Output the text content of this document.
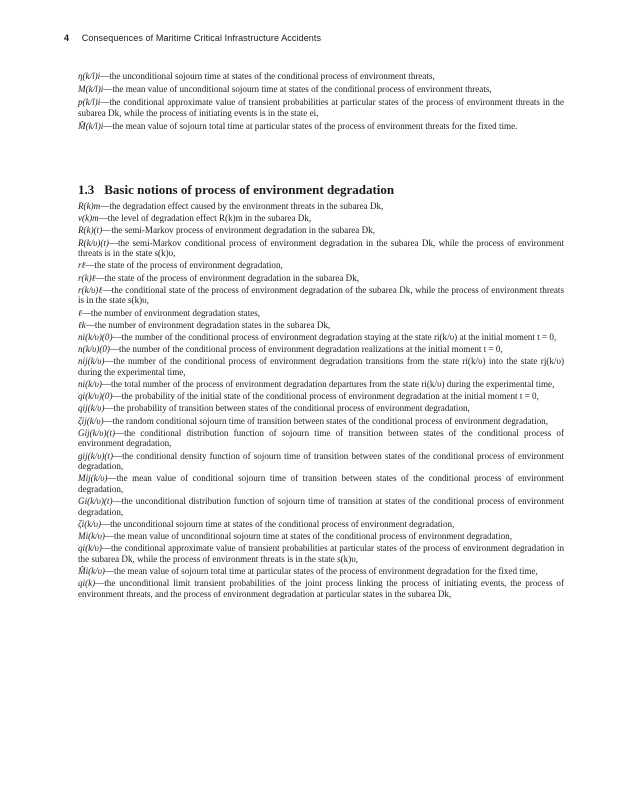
4 Consequences of Maritime Critical Infrastructure Accidents

η(k/l)i—the unconditional sojourn time at states of the conditional process of environment threats,

M(k/l)i—the mean value of unconditional sojourn time at states of the conditional process of environment threats,

p(k/l)i—the conditional approximate value of transient probabilities at particular states of the process of environment threats in the subarea Dk, while the process of initiating events is in the state ei,

M̂(k/l)i—the mean value of sojourn total time at particular states of the process of environment threats for the fixed time.

1.3 Basic notions of process of environment degradation

R(k)m—the degradation effect caused by the environment threats in the subarea Dk,

ν(k)m—the level of degradation effect R(k)m in the subarea Dk,

R(k)(t)—the semi-Markov process of environment degradation in the subarea Dk,

R(k/υ)(t)—the semi-Markov conditional process of environment degradation in the subarea Dk, while the process of environment threats is in the state s(k)υ,

rℓ—the state of the process of environment degradation,

r(k)ℓ—the state of the process of environment degradation in the subarea Dk,

r(k/υ)ℓ—the conditional state of the process of environment degradation of the subarea Dk, while the process of environment threats is in the state s(k)υ,

ℓ—the number of environment degradation states,

ℓk—the number of environment degradation states in the subarea Dk,

ni(k/υ)(0)—the number of the conditional process of environment degradation staying at the state ri(k/υ) at the initial moment t = 0,

n(k/υ)(0)—the number of the conditional process of environment degradation realizations at the initial moment t = 0,

nij(k/υ)—the number of the conditional process of environment degradation transitions from the state ri(k/υ) into the state rj(k/υ) during the experimental time,

ni(k/υ)—the total number of the process of environment degradation departures from the state ri(k/υ) during the experimental time,

qi(k/υ)(0)—the probability of the initial state of the conditional process of environment degradation at the initial moment t = 0,

qij(k/υ)—the probability of transition between states of the conditional process of environment degradation,

ζij(k/υ)—the random conditional sojourn time of transition between states of the conditional process of environment degradation,

Gij(k/υ)(t)—the conditional distribution function of sojourn time of transition between states of the conditional process of environment degradation,

gij(k/υ)(t)—the conditional density function of sojourn time of transition between states of the conditional process of environment degradation,

Mij(k/υ)—the mean value of conditional sojourn time of transition between states of the conditional process of environment degradation,

Gi(k/υ)(t)—the unconditional distribution function of sojourn time of transition at states of the conditional process of environment degradation,

ζi(k/υ)—the unconditional sojourn time at states of the conditional process of environment degradation,

Mi(k/υ)—the mean value of unconditional sojourn time at states of the conditional process of environment degradation,

qi(k/υ)—the conditional approximate value of transient probabilities at particular states of the process of environment degradation in the subarea Dk, while the process of environment threats is in the state s(k)υ,

M̂i(k/υ)—the mean value of sojourn total time at particular states of the process of environment degradation for the fixed time,

qi(k)—the unconditional limit transient probabilities of the joint process linking the process of initiating events, the process of environment threats, and the process of environment degradation at particular states in the subarea Dk,
